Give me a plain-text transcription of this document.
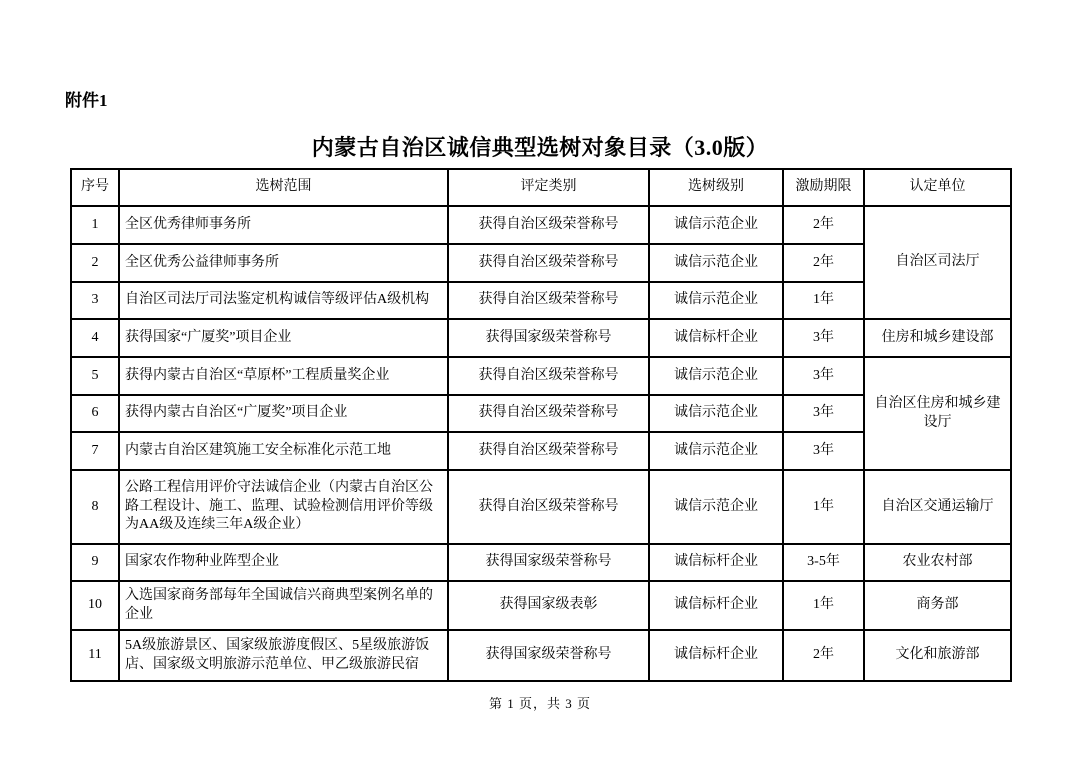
附件1
内蒙古自治区诚信典型选树对象目录（3.0版）
序号	选树范围	评定类别	选树级别	激励期限	认定单位
1	全区优秀律师事务所	获得自治区级荣誉称号	诚信示范企业	2年	自治区司法厅
2	全区优秀公益律师事务所	获得自治区级荣誉称号	诚信示范企业	2年	
3	自治区司法厅司法鉴定机构诚信等级评估A级机构	获得自治区级荣誉称号	诚信示范企业	1年	
4	获得国家“广厦奖”项目企业	获得国家级荣誉称号	诚信标杆企业	3年	住房和城乡建设部
5	获得内蒙古自治区“草原杯”工程质量奖企业	获得自治区级荣誉称号	诚信示范企业	3年	自治区住房和城乡建设厅
6	获得内蒙古自治区“广厦奖”项目企业	获得自治区级荣誉称号	诚信示范企业	3年	
7	内蒙古自治区建筑施工安全标准化示范工地	获得自治区级荣誉称号	诚信示范企业	3年	
8	公路工程信用评价守法诚信企业（内蒙古自治区公路工程设计、施工、监理、试验检测信用评价等级为AA级及连续三年A级企业）	获得自治区级荣誉称号	诚信示范企业	1年	自治区交通运输厅
9	国家农作物种业阵型企业	获得国家级荣誉称号	诚信标杆企业	3-5年	农业农村部
10	入选国家商务部每年全国诚信兴商典型案例名单的企业	获得国家级表彰	诚信标杆企业	1年	商务部
11	5A级旅游景区、国家级旅游度假区、5星级旅游饭店、国家级文明旅游示范单位、甲乙级旅游民宿	获得国家级荣誉称号	诚信标杆企业	2年	文化和旅游部
第 1 页，共 3 页
